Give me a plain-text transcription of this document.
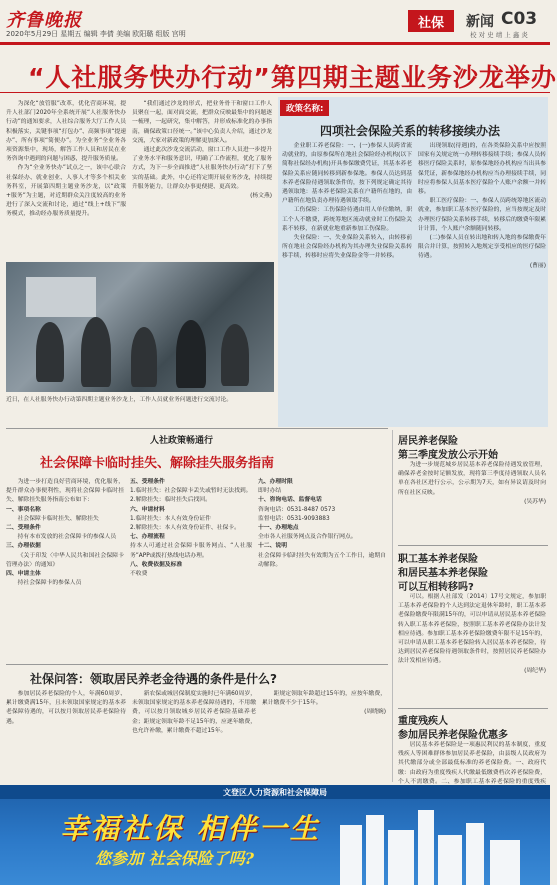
齐鲁晚报
2020年5月29日 星期五 编辑 李倩 美编 欧阳璐 组版 宫明
社保	新闻 C03
校 对 史 靖 上 鑫 炎
“人社服务快办行动”第四期主题业务沙龙举办

为深化“放管服”改革，优化营商环境，提升人社部门2020年全系统开展“人社服务快办行动”的通知要求，人社综合服务大厅工作人员积极落实，关键事项“打包办”、高频事项“提速办”、所有事项“简便办”。为全业务“全业务各项资源集中，现场，解答工作人员和居民在业务咨询中遇到的问题与困惑，提升服务质量。

作为“全业务快办”试点之一，该中心联合社保经办、就业创业、人事人才等多个相关业务科室，开展第四期主题业务沙龙，以“政策+服务”为主题，对近期群众关注度较高的业务进行了深入交流和讨论，通过“线上+线下”服务模式，推动经办服务质量提升。

“我们通过沙龙的形式，把业务骨干和窗口工作人员聚在一起，面对面交流，把群众反映最集中的问题逐一梳理，一起研究，集中解答，并形成标准化的办事指南，确保政策口径统一。”该中心负责人介绍，通过沙龙交流，大家对新政策的理解更加深入。

通过此次沙龙交流活动，窗口工作人员进一步提升了业务水平和服务意识，明确了工作流程，优化了服务方式，为下一步全面推进“人社服务快办行动”打下了坚实的基础。此外，中心还将定期开展业务沙龙，持续提升服务能力，让群众办事更便捷、更高效。

(杨文燕)

近日，在人社服务快办行动第四期主题业务沙龙上，工作人员就业务问题进行交流讨论。
政策名称:
四项社会保险关系的转移接续办法

企业职工养老保险：一、(一)参保人员跨省流动就业的，由原参保所在地社会保险经办机构(以下简称社保经办机构)开具参保缴费凭证，其基本养老保险关系应随同转移到新参保地。参保人员达到基本养老保险待遇领取条件的，按下列规定确定其待遇领取地：基本养老保险关系在户籍所在地的，由户籍所在地负责办理待遇领取手续。

工伤保险：工伤保险待遇由用人单位缴纳，职工个人不缴费，跨统筹地区流动就业时工伤保险关系不转移，在新就业地重新参加工伤保险。

失业保险：一、失业保险关系转入，由转移前所在地社会保险经办机构为其办理失业保险关系转移手续，转移时应将失业保险金等一并转移。

出现领取(待遇)的，在各类保险关系中应按照国家有关规定统一办理转移接续手续；参保人员转移医疗保险关系时，原参保地经办机构应当出具参保凭证，新参保地经办机构应当办理接续手续，同时应将参保人员基本医疗保险个人账户余额一并转移。

职工医疗保险：一、参保人员跨统筹地区流动就业，参加职工基本医疗保险的，应当按规定及时办理医疗保险关系转移手续，转移后的缴费年限累计计算，个人账户余额随同转移。

(二)参保人员在转出地和转入地的参保缴费年限合并计算，按照转入地规定享受相应的医疗保险待遇。

(曹丽)

人社政策畅通行
社会保障卡临时挂失、解除挂失服务指南

为进一步打造良好营商环境，优化服务，提升群众办事便利性，现将社会保障卡临时挂失、解除挂失服务指南公布如下：

一、事项名称

社会保障卡临时挂失、解除挂失

二、受理条件

持有本市发放的社会保障卡的参保人员

三、办理依据

《关于印发〈中华人民共和国社会保障卡管理办法〉的通知》

四、申请主体

持社会保障卡的参保人员

五、受理条件

1.临时挂失：社会保障卡丢失或暂时无法找到。

2.解除挂失：临时挂失后找回。

六、申请材料

1.临时挂失：本人有效身份证件

2.解除挂失：本人有效身份证件、社保卡。

七、办理流程

持本人可通过社会保障卡服务网点、“人社服务”APP或拨打热线电话办理。

八、收费依据及标准

不收费

九、办理时限

即时办结

十、咨询电话、监督电话

咨询电话：0531-8487 0573

监督电话：0531-9093883

十一、办理地点

全市各人社服务网点及合作银行网点。

十二、说明

社会保障卡临时挂失有效期为五个工作日，逾期自动解除。

社保问答：领取居民养老金待遇的条件是什么?

参加居民养老保险的个人，年满60周岁、累计缴费满15年，且未领取国家规定的基本养老保障待遇的，可以按月领取居民养老保险待遇。

新农保或城居保制度实施时已年满60周岁，未领取国家规定的基本养老保障待遇的，不用缴费，可以按月领取城乡居民养老保险基础养老金；距规定领取年龄不足15年的，应逐年缴费，也允许补缴，累计缴费不超过15年。

距规定领取年龄超过15年的，应按年缴费，累计缴费不少于15年。

(周晓婉)

居民养老保险
第三季度发放公示开始

为进一步规范城乡居民基本养老保险待遇发放管理，确保养老金按时足额发放，现将第三季度待遇领取人员名单在各社区进行公示，公示期为7天，如有异议请及时向所在社区反映。

(吴苏华)

职工基本养老保险
和居民基本养老保险
可以互相转移吗?

可以。根据人社部发〔2014〕17号文规定，参加职工基本养老保险的个人达到法定退休年龄时，职工基本养老保险缴费年限满15年的，可以申请从居民基本养老保险转入职工基本养老保险，按照职工基本养老保险办法计发相应待遇。参加职工基本养老保险缴费年限不足15年的，可以申请从职工基本养老保险转入居民基本养老保险，待达到居民养老保险待遇领取条件时，按照居民养老保险办法计发相应待遇。

(周纪华)

重度残疾人
参加居民养老保险优惠多

居民基本养老保险是一项惠民利民的基本制度，重度残疾人等困难群体参加居民养老保险，由县级人民政府为其代缴部分或全部最低标准的养老保险费。一、政府代缴：由政府为重度残疾人代缴最低缴费档次养老保险费，个人不需缴费。二、参加职工基本养老保险的重度残疾

文登区人力资源和社会保障局
幸福社保 相伴一生
您参加 社会保险了吗?
